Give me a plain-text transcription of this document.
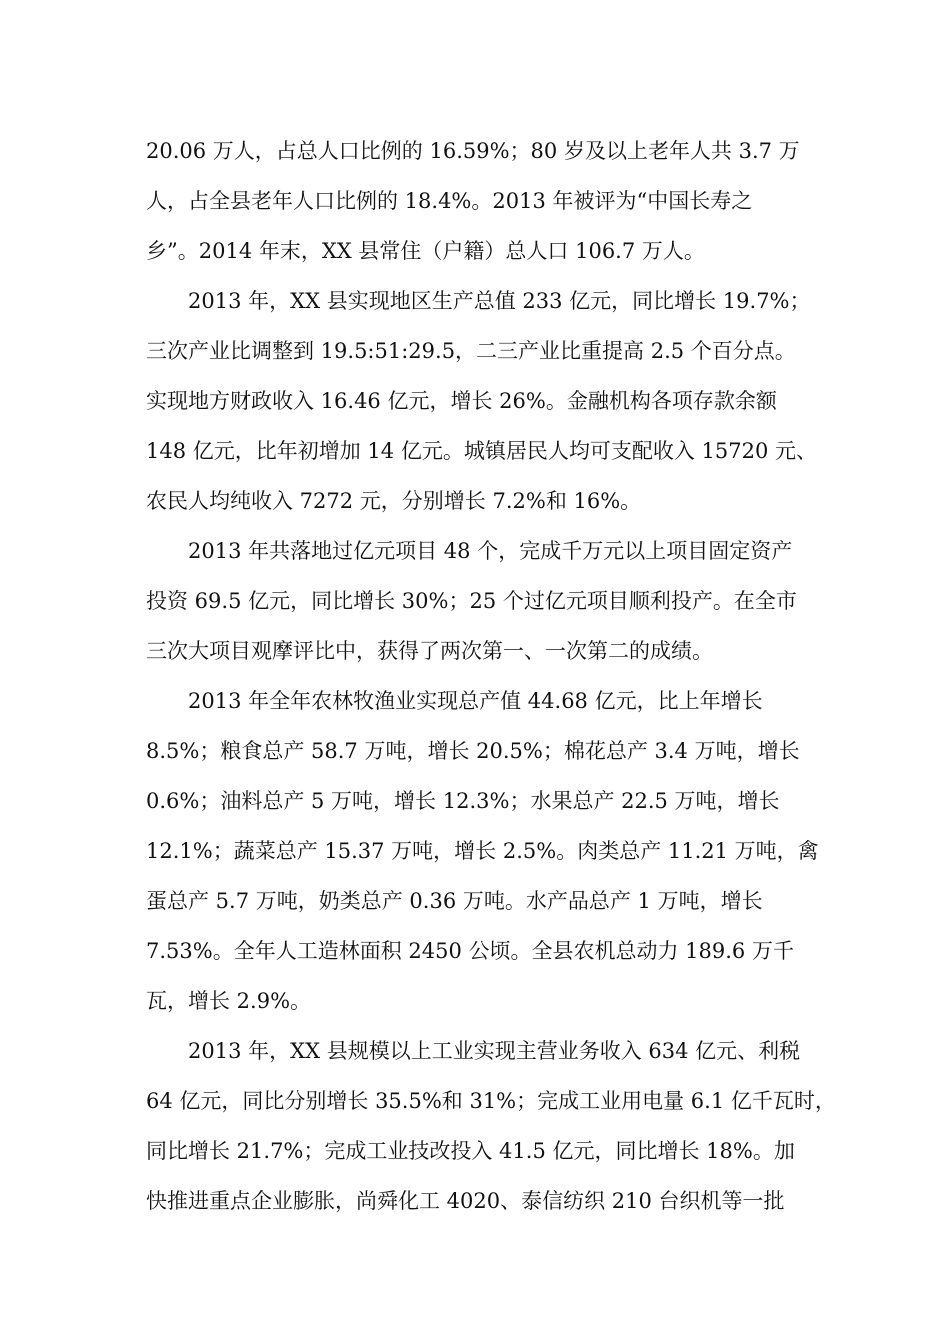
20.06 万人，占总人口比例的 16.59%；80 岁及以上老年人共 3.7 万
人，占全县老年人口比例的 18.4%。2013 年被评为“中国长寿之
乡”。2014 年末，XX 县常住（户籍）总人口 106.7 万人。
2013 年，XX 县实现地区生产总值 233 亿元，同比增长 19.7%；
三次产业比调整到 19.5:51:29.5，二三产业比重提高 2.5 个百分点。
实现地方财政收入 16.46 亿元，增长 26%。金融机构各项存款余额
148 亿元，比年初增加 14 亿元。城镇居民人均可支配收入 15720 元、
农民人均纯收入 7272 元，分别增长 7.2%和 16%。
2013 年共落地过亿元项目 48 个，完成千万元以上项目固定资产
投资 69.5 亿元，同比增长 30%；25 个过亿元项目顺利投产。在全市
三次大项目观摩评比中，获得了两次第一、一次第二的成绩。
2013 年全年农林牧渔业实现总产值 44.68 亿元，比上年增长
8.5%；粮食总产 58.7 万吨，增长 20.5%；棉花总产 3.4 万吨，增长
0.6%；油料总产 5 万吨，增长 12.3%；水果总产 22.5 万吨，增长
12.1%；蔬菜总产 15.37 万吨，增长 2.5%。肉类总产 11.21 万吨，禽
蛋总产 5.7 万吨，奶类总产 0.36 万吨。水产品总产 1 万吨，增长
7.53%。全年人工造林面积 2450 公顷。全县农机总动力 189.6 万千
瓦，增长 2.9%。
2013 年，XX 县规模以上工业实现主营业务收入 634 亿元、利税
64 亿元，同比分别增长 35.5%和 31%；完成工业用电量 6.1 亿千瓦时，
同比增长 21.7%；完成工业技改投入 41.5 亿元，同比增长 18%。加
快推进重点企业膨胀，尚舜化工 4020、泰信纺织 210 台织机等一批
